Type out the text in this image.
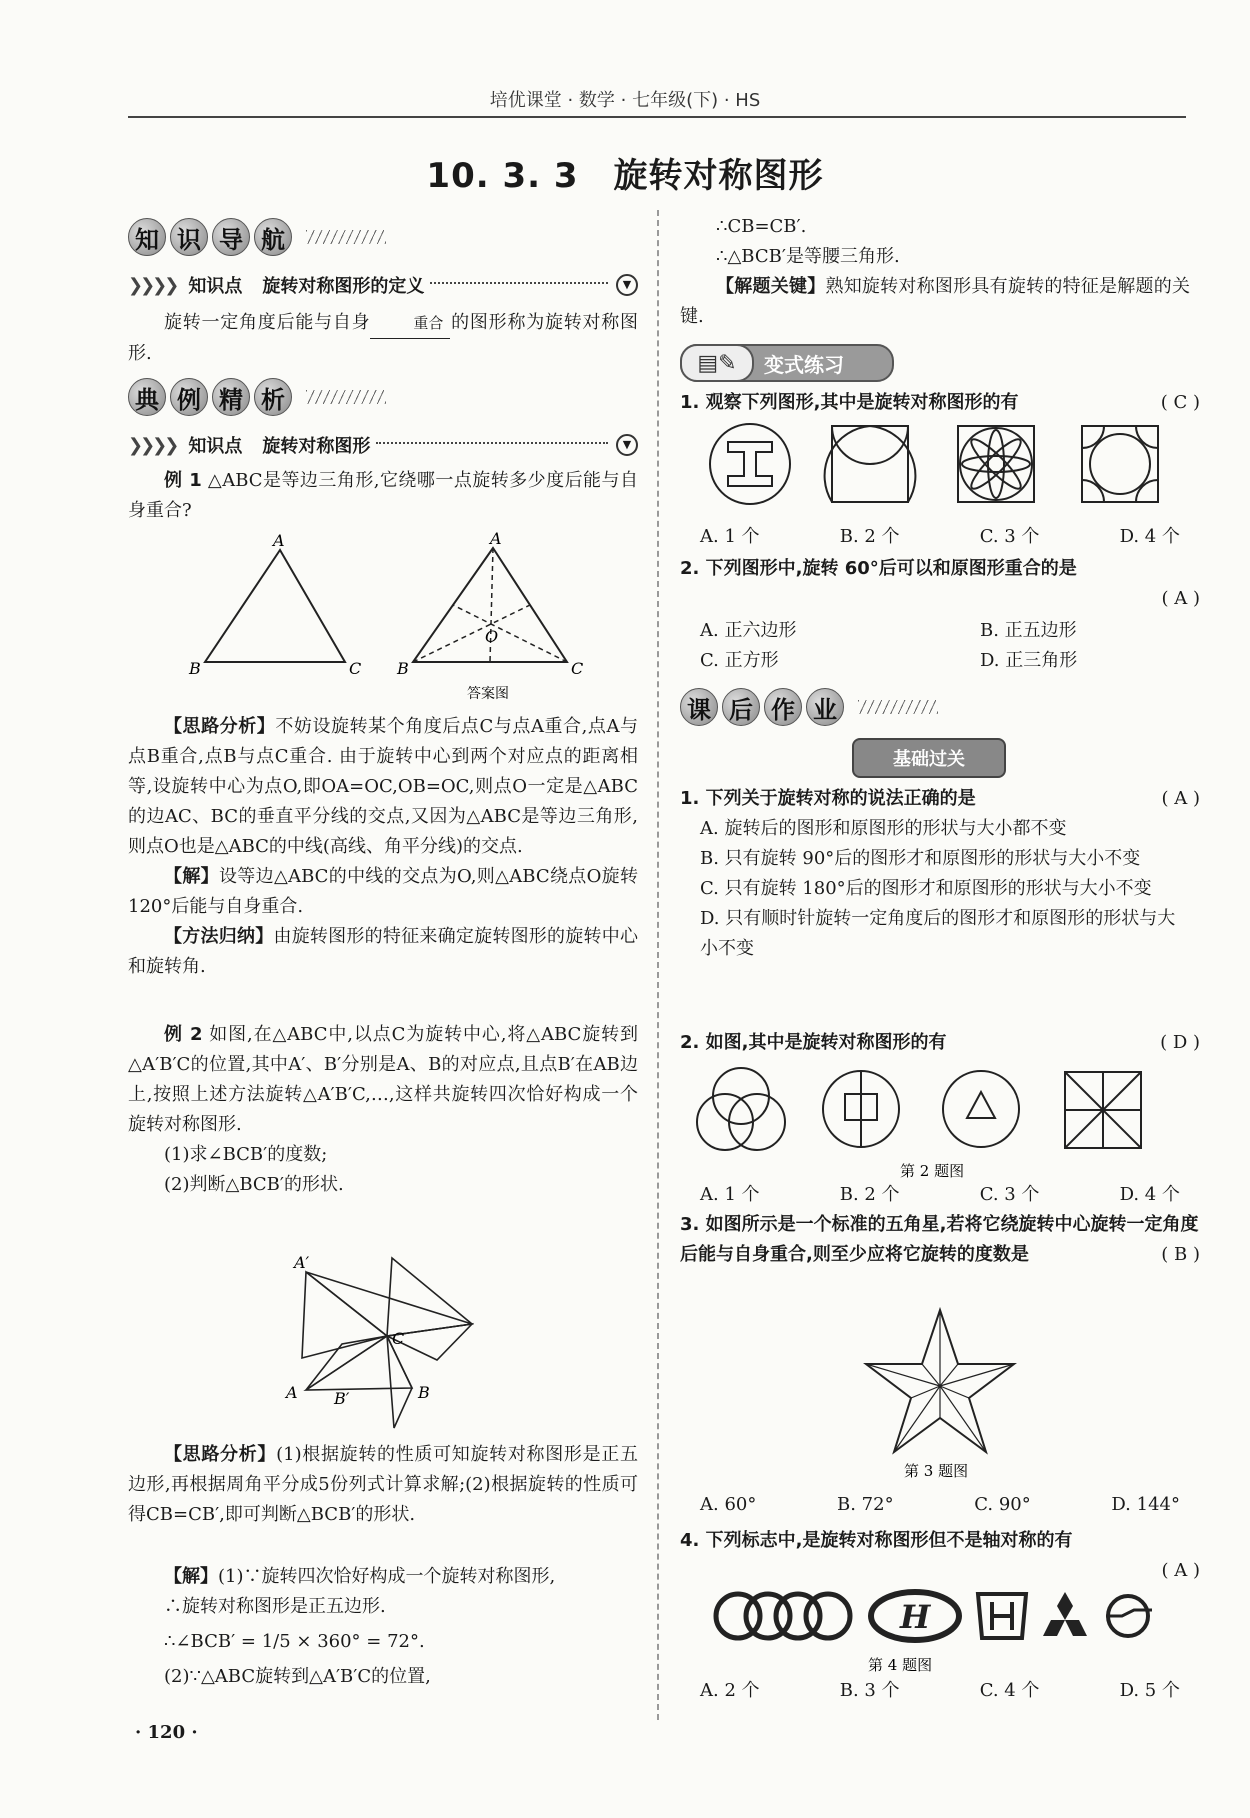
培优课堂 · 数学 · 七年级(下) · HS
10. 3. 3　旋转对称图形
知 识 导 航
❯❯❯❯ 知识点 旋转对称图形的定义	▼
旋转一定角度后能与自身	重合 的图形称为旋转对称图形.
典 例 精 析
❯❯❯❯ 知识点 旋转对称图形	▼
例 1 △ABC是等边三角形,它绕哪一点旋转多少度后能与自身重合?
A
B	C
A
B	C
O
答案图
【思路分析】不妨设旋转某个角度后点C与点A重合,点A与点B重合,点B与点C重合. 由于旋转中心到两个对应点的距离相等,设旋转中心为点O,即OA=OC,OB=OC,则点O一定是△ABC的边AC、BC的垂直平分线的交点,又因为△ABC是等边三角形,则点O也是△ABC的中线(高线、角平分线)的交点.
【解】设等边△ABC的中线的交点为O,则△ABC绕点O旋转120°后能与自身重合.
【方法归纳】由旋转图形的特征来确定旋转图形的旋转中心和旋转角.
例 2 如图,在△ABC中,以点C为旋转中心,将△ABC旋转到△A′B′C的位置,其中A′、B′分别是A、B的对应点,且点B′在AB边上,按照上述方法旋转△A′B′C,…,这样共旋转四次恰好构成一个旋转对称图形.
(1)求∠BCB′的度数;
(2)判断△BCB′的形状.
A′
C
A B′	B
【思路分析】(1)根据旋转的性质可知旋转对称图形是正五边形,再根据周角平分成5份列式计算求解;(2)根据旋转的性质可得CB=CB′,即可判断△BCB′的形状.
【解】(1)∵旋转四次恰好构成一个旋转对称图形,
∴旋转对称图形是正五边形.
∴∠BCB′ = 1/5 × 360° = 72°.
(2)∵△ABC旋转到△A′B′C的位置,
· 120 ·
∴CB=CB′.
∴△BCB′是等腰三角形.
【解题关键】熟知旋转对称图形具有旋转的特征是解题的关键.
▤✎	变式练习
1. 观察下列图形,其中是旋转对称图形的有	( C )
A. 1 个	B. 2 个	C. 3 个	D. 4 个
2. 下列图形中,旋转 60°后可以和原图形重合的是
( A )
A. 正六边形	B. 正五边形
C. 正方形	D. 正三角形
课 后 作 业
基础过关
1. 下列关于旋转对称的说法正确的是	( A )
A. 旋转后的图形和原图形的形状与大小都不变
B. 只有旋转 90°后的图形才和原图形的形状与大小不变
C. 只有旋转 180°后的图形才和原图形的形状与大小不变
D. 只有顺时针旋转一定角度后的图形才和原图形的形状与大小不变
2. 如图,其中是旋转对称图形的有	( D )
第 2 题图
A. 1 个	B. 2 个	C. 3 个	D. 4 个
3. 如图所示是一个标准的五角星,若将它绕旋转中心旋转一定角度后能与自身重合,则至少应将它旋转的度数是	( B )
第 3 题图
A. 60°	B. 72°	C. 90°	D. 144°
4. 下列标志中,是旋转对称图形但不是轴对称的有
( A )
H
第 4 题图
A. 2 个	B. 3 个	C. 4 个	D. 5 个
